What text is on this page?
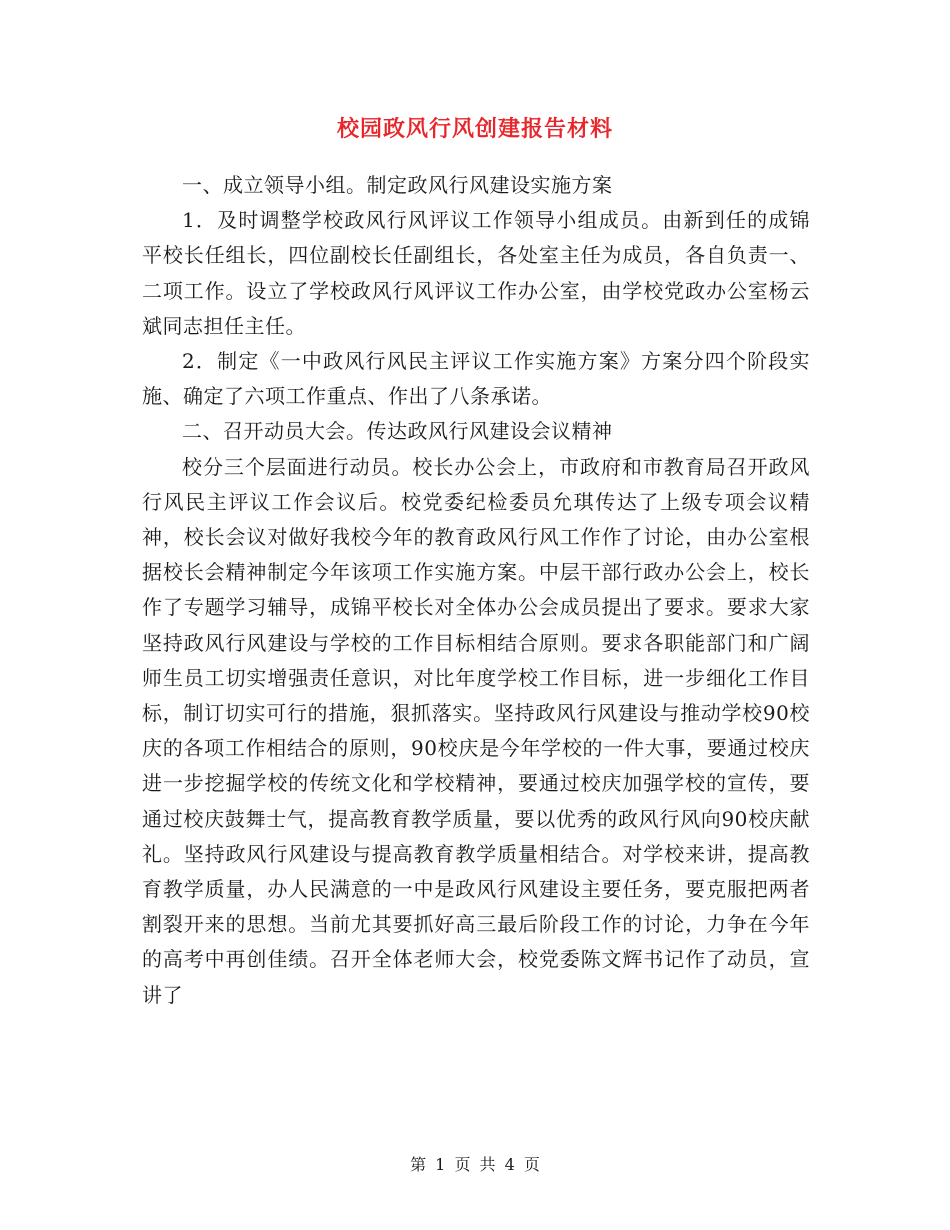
校园政风行风创建报告材料

一、成立领导小组。制定政风行风建设实施方案

1．及时调整学校政风行风评议工作领导小组成员。由新到任的成锦平校长任组长，四位副校长任副组长，各处室主任为成员，各自负责一、二项工作。设立了学校政风行风评议工作办公室，由学校党政办公室杨云斌同志担任主任。

2．制定《一中政风行风民主评议工作实施方案》方案分四个阶段实施、确定了六项工作重点、作出了八条承诺。

二、召开动员大会。传达政风行风建设会议精神

校分三个层面进行动员。校长办公会上，市政府和市教育局召开政风行风民主评议工作会议后。校党委纪检委员允琪传达了上级专项会议精神，校长会议对做好我校今年的教育政风行风工作作了讨论，由办公室根据校长会精神制定今年该项工作实施方案。中层干部行政办公会上，校长作了专题学习辅导，成锦平校长对全体办公会成员提出了要求。要求大家坚持政风行风建设与学校的工作目标相结合原则。要求各职能部门和广阔师生员工切实增强责任意识，对比年度学校工作目标，进一步细化工作目标，制订切实可行的措施，狠抓落实。坚持政风行风建设与推动学校90校庆的各项工作相结合的原则，90校庆是今年学校的一件大事，要通过校庆进一步挖掘学校的传统文化和学校精神，要通过校庆加强学校的宣传，要通过校庆鼓舞士气，提高教育教学质量，要以优秀的政风行风向90校庆献礼。坚持政风行风建设与提高教育教学质量相结合。对学校来讲，提高教育教学质量，办人民满意的一中是政风行风建设主要任务，要克服把两者割裂开来的思想。当前尤其要抓好高三最后阶段工作的讨论，力争在今年的高考中再创佳绩。召开全体老师大会，校党委陈文辉书记作了动员，宣讲了

第 1 页 共 4 页
